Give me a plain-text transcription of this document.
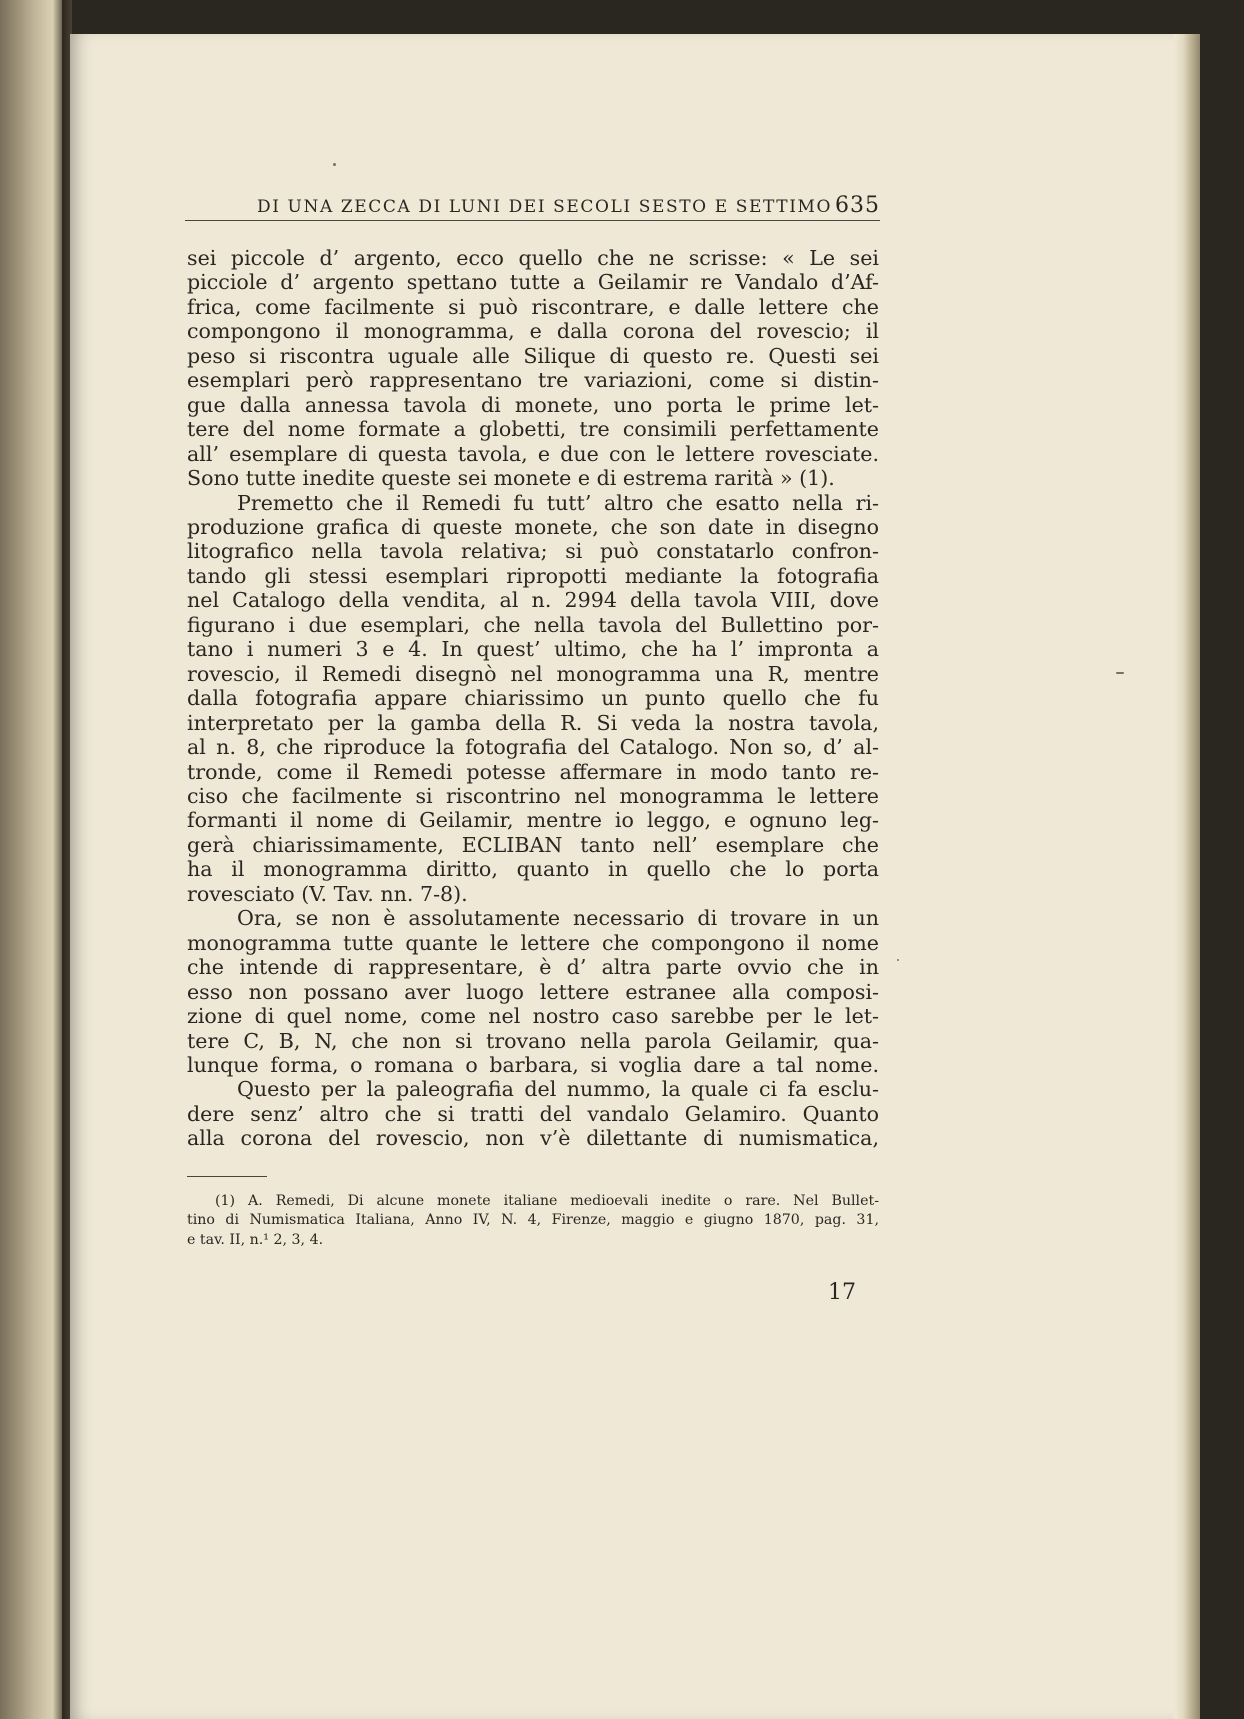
DI UNA ZECCA DI LUNI DEI SECOLI SESTO E SETTIMO 635
sei piccole d’ argento, ecco quello che ne scrisse: « Le sei
picciole d’ argento spettano tutte a Geilamir re Vandalo d’Af-
frica, come facilmente si può riscontrare, e dalle lettere che
compongono il monogramma, e dalla corona del rovescio; il
peso si riscontra uguale alle Silique di questo re. Questi sei
esemplari però rappresentano tre variazioni, come si distin-
gue dalla annessa tavola di monete, uno porta le prime let-
tere del nome formate a globetti, tre consimili perfettamente
all’ esemplare di questa tavola, e due con le lettere rovesciate.
Sono tutte inedite queste sei monete e di estrema rarità » (1).
Premetto che il Remedi fu tutt’ altro che esatto nella ri-
produzione grafica di queste monete, che son date in disegno
litografico nella tavola relativa; si può constatarlo confron-
tando gli stessi esemplari ripropotti mediante la fotografia
nel Catalogo della vendita, al n. 2994 della tavola VIII, dove
figurano i due esemplari, che nella tavola del Bullettino por-
tano i numeri 3 e 4. In quest’ ultimo, che ha l’ impronta a
rovescio, il Remedi disegnò nel monogramma una R, mentre
dalla fotografia appare chiarissimo un punto quello che fu
interpretato per la gamba della R. Si veda la nostra tavola,
al n. 8, che riproduce la fotografia del Catalogo. Non so, d’ al-
tronde, come il Remedi potesse affermare in modo tanto re-
ciso che facilmente si riscontrino nel monogramma le lettere
formanti il nome di Geilamir, mentre io leggo, e ognuno leg-
gerà chiarissimamente, ECLIBAN tanto nell’ esemplare che
ha il monogramma diritto, quanto in quello che lo porta
rovesciato (V. Tav. nn. 7-8).
Ora, se non è assolutamente necessario di trovare in un
monogramma tutte quante le lettere che compongono il nome
che intende di rappresentare, è d’ altra parte ovvio che in
esso non possano aver luogo lettere estranee alla composi-
zione di quel nome, come nel nostro caso sarebbe per le let-
tere C, B, N, che non si trovano nella parola Geilamir, qua-
lunque forma, o romana o barbara, si voglia dare a tal nome.
Questo per la paleografia del nummo, la quale ci fa esclu-
dere senz’ altro che si tratti del vandalo Gelamiro. Quanto
alla corona del rovescio, non v’è dilettante di numismatica,
(1) A. Remedi, Di alcune monete italiane medioevali inedite o rare. Nel Bullet-
tino di Numismatica Italiana, Anno IV, N. 4, Firenze, maggio e giugno 1870, pag. 31,
e tav. II, n.¹ 2, 3, 4.
17
